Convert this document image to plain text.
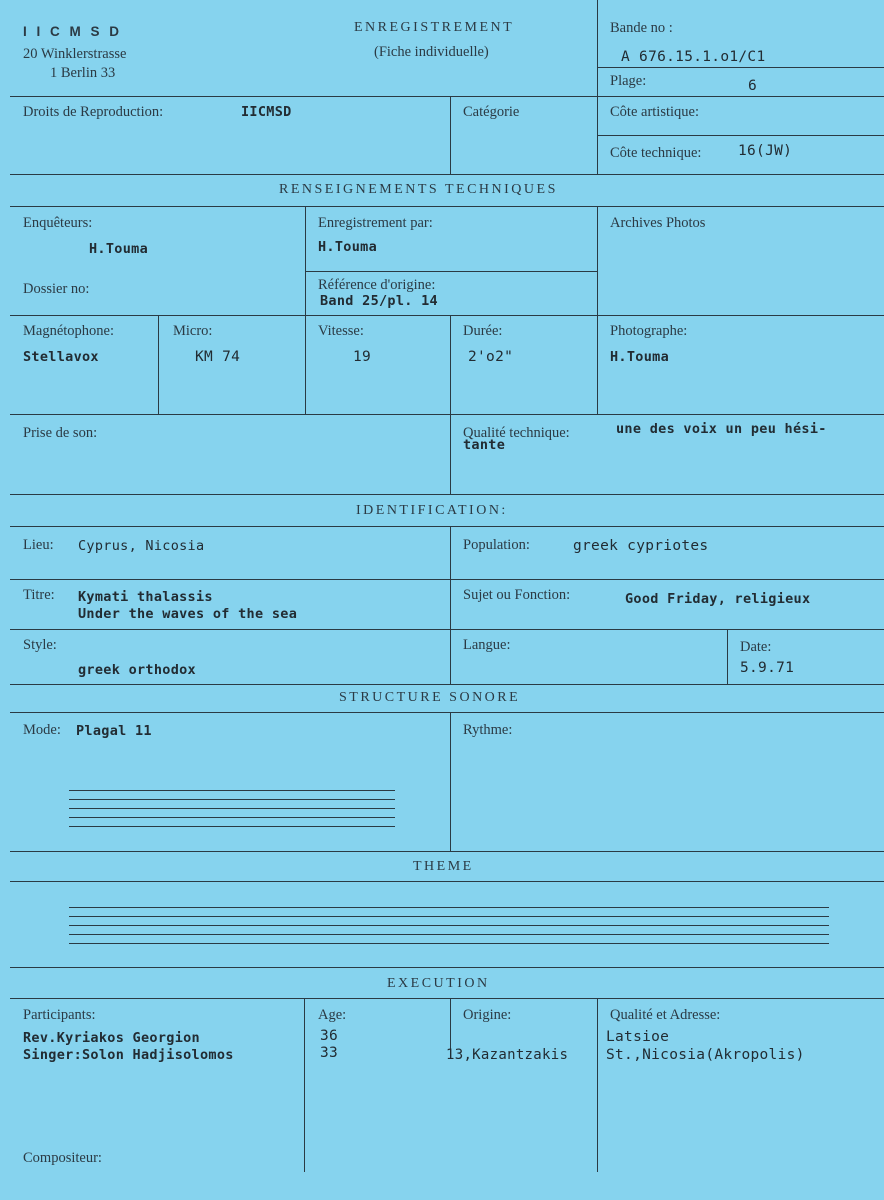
I I C M S D
20 Winklerstrasse
1 Berlin 33
ENREGISTREMENT
(Fiche individuelle)
Bande no :
A 676.15.1.o1/C1
Plage:	6
Droits de Reproduction:	IICMSD	Catégorie	Côte artistique:
Côte technique:	16(JW)
RENSEIGNEMENTS TECHNIQUES
Enquêteurs:
H.Touma
Enregistrement par:
H.Touma
Archives Photos
Dossier no:	Référence d'origine:
Band 25/pl. 14
Magnétophone:
Stellavox
Micro:
KM 74
Vitesse:
19
Durée:
2'o2"
Photographe:
H.Touma
Prise de son:	Qualité technique:	une des voix un peu hési-
tante
IDENTIFICATION:
Lieu: Cyprus, Nicosia	Population:	greek cypriotes
Titre: Kymati thalassis
Under the waves of the sea
Sujet ou Fonction:	Good Friday, religieux
Style:
greek orthodox
Langue:	Date:
5.9.71
STRUCTURE SONORE
Mode: Plagal 11	Rythme:
THEME
EXECUTION
Participants:
Rev.Kyriakos Georgion
Singer:Solon Hadjisolomos
Age:
36
33
Origine:
13,Kazantzakis
Qualité et Adresse:
Latsioe
St.,Nicosia(Akropolis)
Compositeur:
